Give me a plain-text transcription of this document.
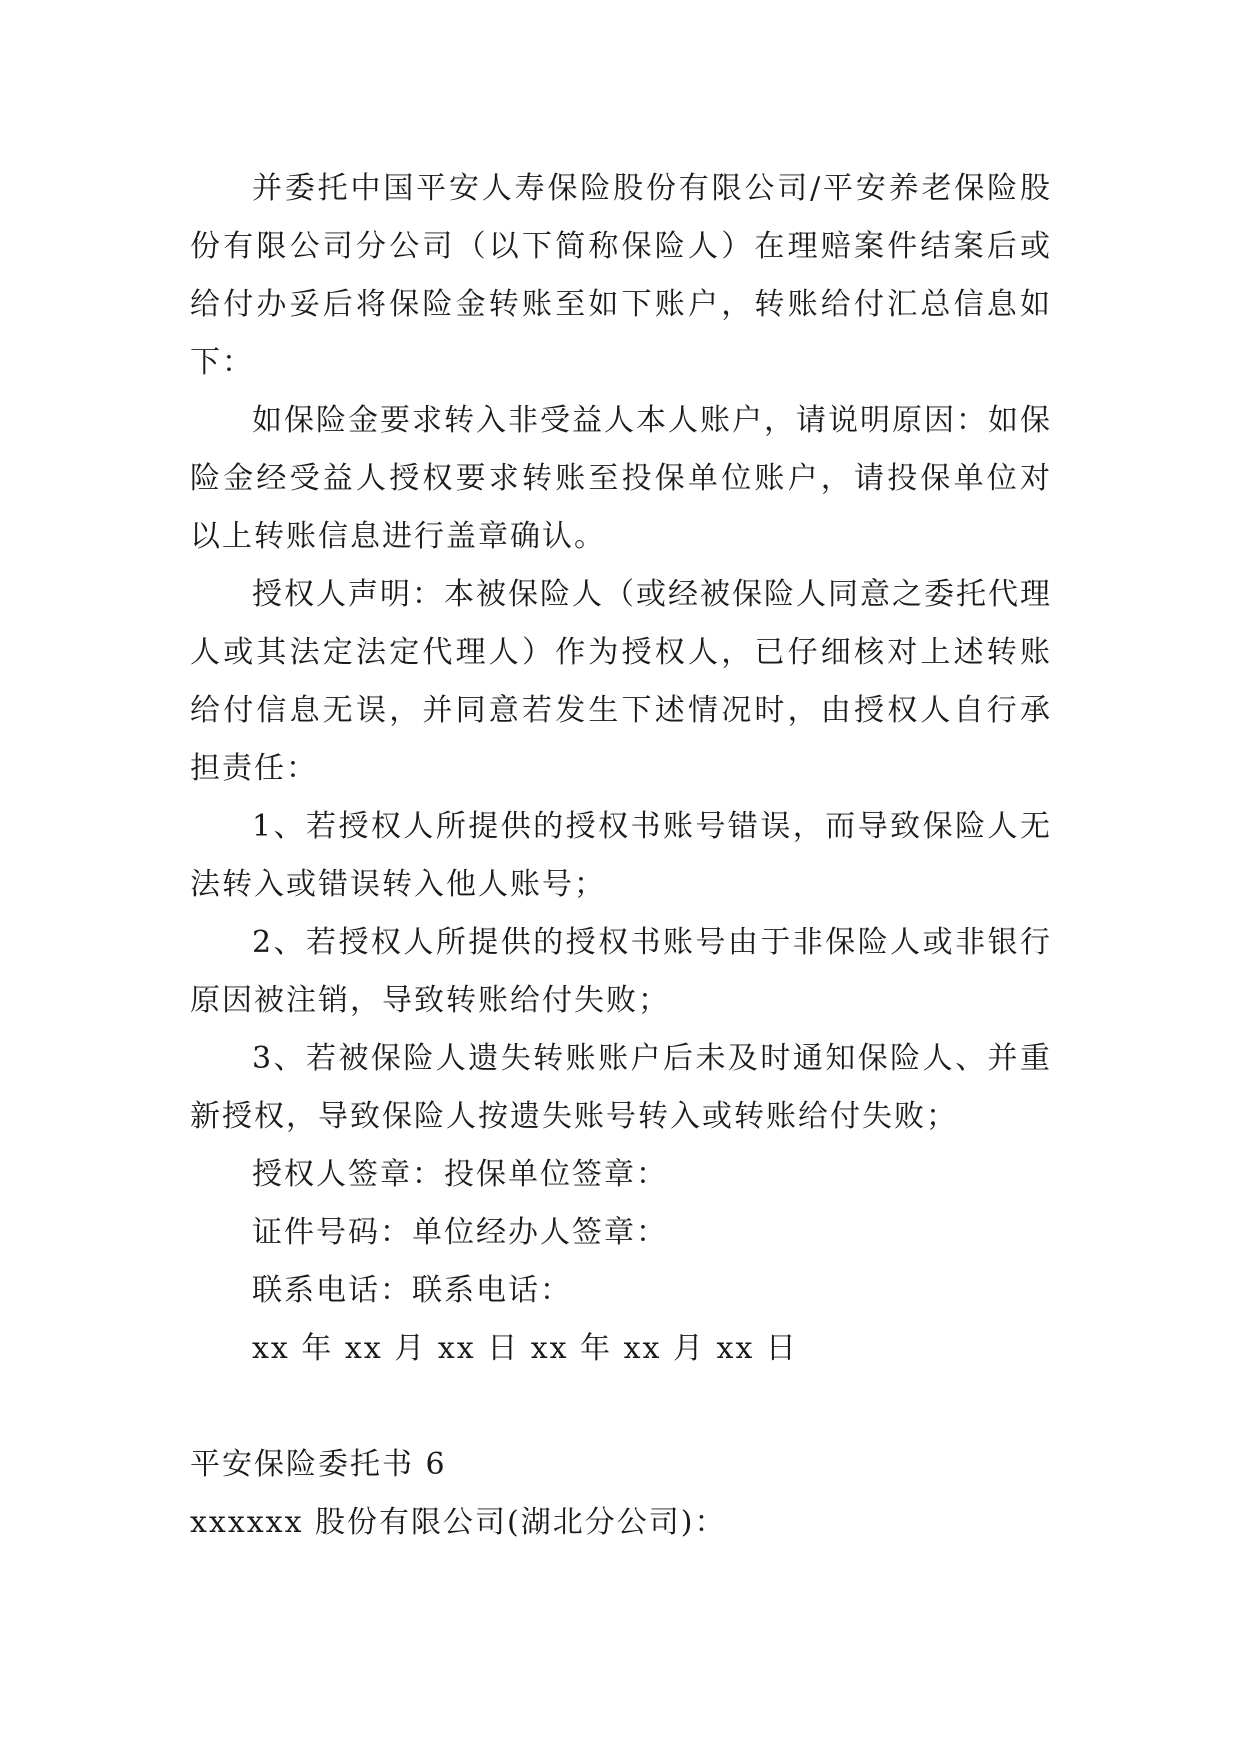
并委托中国平安人寿保险股份有限公司/平安养老保险股份有限公司分公司（以下简称保险人）在理赔案件结案后或给付办妥后将保险金转账至如下账户，转账给付汇总信息如下：

如保险金要求转入非受益人本人账户，请说明原因：如保险金经受益人授权要求转账至投保单位账户，请投保单位对以上转账信息进行盖章确认。

授权人声明：本被保险人（或经被保险人同意之委托代理人或其法定法定代理人）作为授权人，已仔细核对上述转账给付信息无误，并同意若发生下述情况时，由授权人自行承担责任：

1、若授权人所提供的授权书账号错误，而导致保险人无法转入或错误转入他人账号；

2、若授权人所提供的授权书账号由于非保险人或非银行原因被注销，导致转账给付失败；

3、若被保险人遗失转账账户后未及时通知保险人、并重新授权，导致保险人按遗失账号转入或转账给付失败；

授权人签章：投保单位签章：

证件号码：单位经办人签章：

联系电话：联系电话：

xx 年 xx 月 xx 日 xx 年 xx 月 xx 日

平安保险委托书 6

xxxxxx 股份有限公司(湖北分公司)：
